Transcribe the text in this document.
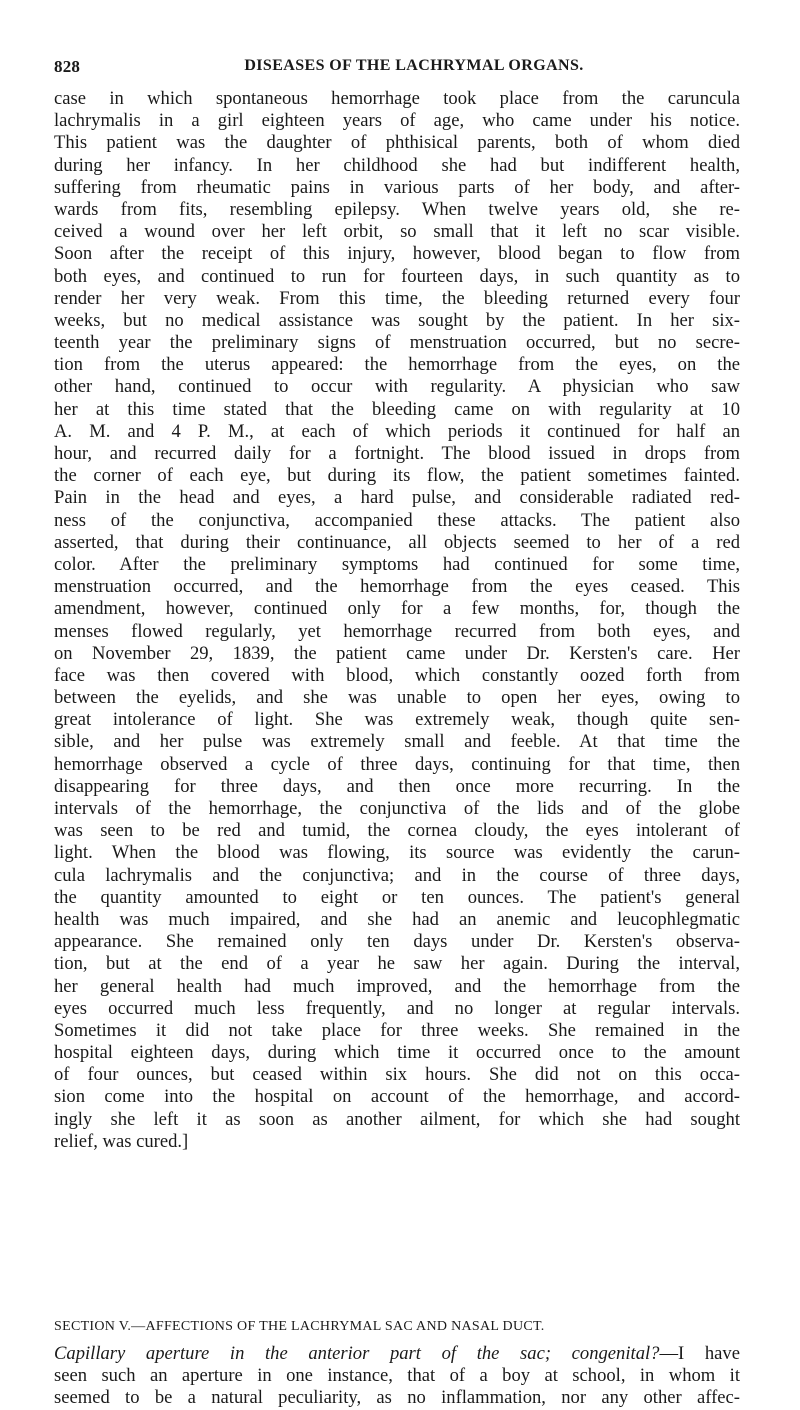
828	DISEASES OF THE LACHRYMAL ORGANS.
case in which spontaneous hemorrhage took place from the caruncula
lachrymalis in a girl eighteen years of age, who came under his notice.
This patient was the daughter of phthisical parents, both of whom died
during her infancy. In her childhood she had but indifferent health,
suffering from rheumatic pains in various parts of her body, and after-
wards from fits, resembling epilepsy. When twelve years old, she re-
ceived a wound over her left orbit, so small that it left no scar visible.
Soon after the receipt of this injury, however, blood began to flow from
both eyes, and continued to run for fourteen days, in such quantity as to
render her very weak. From this time, the bleeding returned every four
weeks, but no medical assistance was sought by the patient. In her six-
teenth year the preliminary signs of menstruation occurred, but no secre-
tion from the uterus appeared: the hemorrhage from the eyes, on the
other hand, continued to occur with regularity. A physician who saw
her at this time stated that the bleeding came on with regularity at 10
A. M. and 4 P. M., at each of which periods it continued for half an
hour, and recurred daily for a fortnight. The blood issued in drops from
the corner of each eye, but during its flow, the patient sometimes fainted.
Pain in the head and eyes, a hard pulse, and considerable radiated red-
ness of the conjunctiva, accompanied these attacks. The patient also
asserted, that during their continuance, all objects seemed to her of a red
color. After the preliminary symptoms had continued for some time,
menstruation occurred, and the hemorrhage from the eyes ceased. This
amendment, however, continued only for a few months, for, though the
menses flowed regularly, yet hemorrhage recurred from both eyes, and
on November 29, 1839, the patient came under Dr. Kersten's care. Her
face was then covered with blood, which constantly oozed forth from
between the eyelids, and she was unable to open her eyes, owing to
great intolerance of light. She was extremely weak, though quite sen-
sible, and her pulse was extremely small and feeble. At that time the
hemorrhage observed a cycle of three days, continuing for that time, then
disappearing for three days, and then once more recurring. In the
intervals of the hemorrhage, the conjunctiva of the lids and of the globe
was seen to be red and tumid, the cornea cloudy, the eyes intolerant of
light. When the blood was flowing, its source was evidently the carun-
cula lachrymalis and the conjunctiva; and in the course of three days,
the quantity amounted to eight or ten ounces. The patient's general
health was much impaired, and she had an anemic and leucophlegmatic
appearance. She remained only ten days under Dr. Kersten's observa-
tion, but at the end of a year he saw her again. During the interval,
her general health had much improved, and the hemorrhage from the
eyes occurred much less frequently, and no longer at regular intervals.
Sometimes it did not take place for three weeks. She remained in the
hospital eighteen days, during which time it occurred once to the amount
of four ounces, but ceased within six hours. She did not on this occa-
sion come into the hospital on account of the hemorrhage, and accord-
ingly she left it as soon as another ailment, for which she had sought
relief, was cured.]
SECTION V.—AFFECTIONS OF THE LACHRYMAL SAC AND NASAL DUCT.
Capillary aperture in the anterior part of the sac; congenital?—I have
seen such an aperture in one instance, that of a boy at school, in whom it
seemed to be a natural peculiarity, as no inflammation, nor any other affec-
